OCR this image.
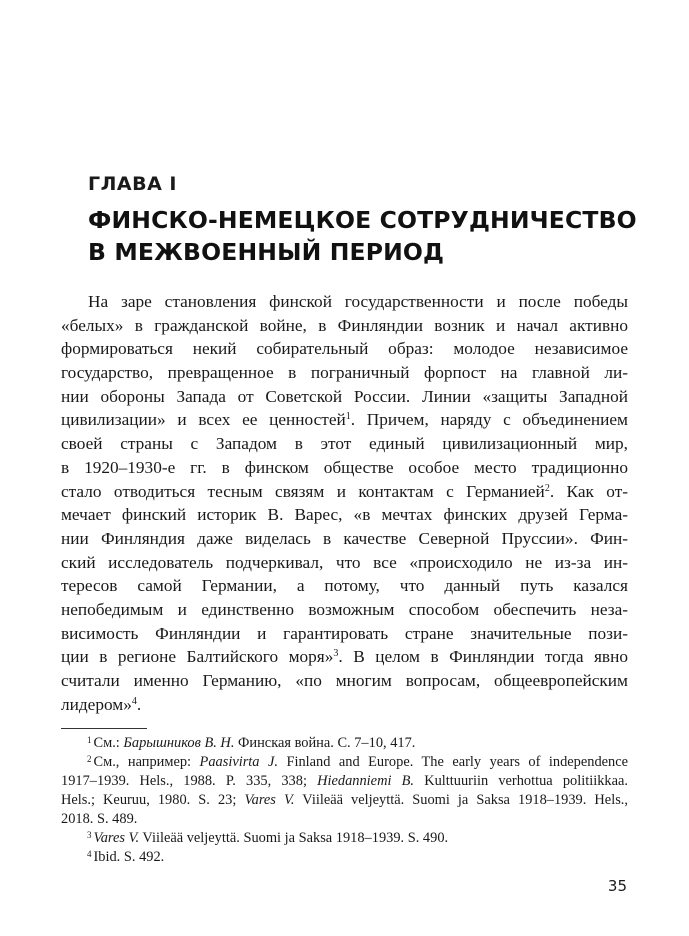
ГЛАВА I
ФИНСКО-НЕМЕЦКОЕ СОТРУДНИЧЕСТВО
В МЕЖВОЕННЫЙ ПЕРИОД
На заре становления финской государственности и после победы
«белых» в гражданской войне, в Финляндии возник и начал активно
формироваться некий собирательный образ: молодое независимое
государство, превращенное в пограничный форпост на главной ли-
нии обороны Запада от Советской России. Линии «защиты Западной
цивилизации» и всех ее ценностей$^1$. Причем, наряду с объединением
своей страны с Западом в этот единый цивилизационный мир,
в 1920–1930-е гг. в финском обществе особое место традиционно
стало отводиться тесным связям и контактам с Германией$^2$. Как от-
мечает финский историк В. Варес, «в мечтах финских друзей Герма-
нии Финляндия даже виделась в качестве Северной Пруссии». Фин-
ский исследователь подчеркивал, что все «происходило не из-за ин-
тересов самой Германии, а потому, что данный путь казался
непобедимым и единственно возможным способом обеспечить неза-
висимость Финляндии и гарантировать стране значительные пози-
ции в регионе Балтийского моря»$^3$. В целом в Финляндии тогда явно
считали именно Германию, «по многим вопросам, общеевропейским
лидером»$^4$.
$^1$ См.: Барышников В. Н. Финская война. С. 7–10, 417.
$^2$ См., например: Paasivirta J. Finland and Europe. The early years of independence
1917–1939. Hels., 1988. P. 335, 338; Hiedanniemi B. Kulttuuriin verhottua politiikkaa.
Hels.; Keuruu, 1980. S. 23; Vares V. Viileää veljeyttä. Suomi ja Saksa 1918–1939. Hels.,
2018. S. 489.
$^3$ Vares V. Viileää veljeyttä. Suomi ja Saksa 1918–1939. S. 490.
$^4$ Ibid. S. 492.
35
